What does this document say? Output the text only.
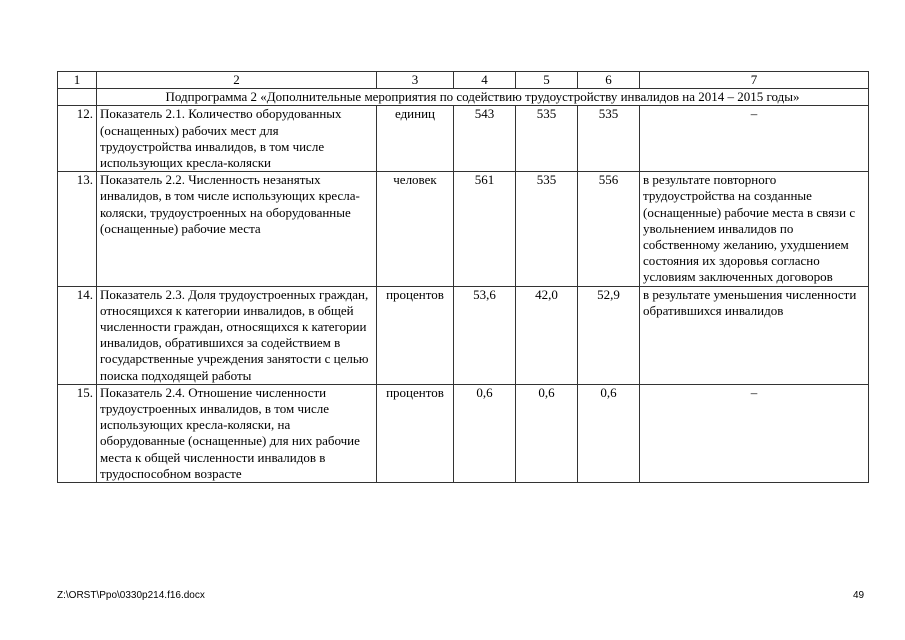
1	2	3	4	5	6	7
	Подпрограмма 2 «Дополнительные мероприятия по содействию трудоустройству инвалидов на 2014 – 2015 годы»					
12.	Показатель 2.1. Количество оборудованных (оснащенных) рабочих мест для трудоустройства инвалидов, в том числе использующих кресла-коляски	единиц	543	535	535	–
13.	Показатель 2.2. Численность незанятых инвалидов, в том числе использующих кресла-коляски, трудоустроенных на оборудованные (оснащенные) рабочие места	человек	561	535	556	в результате повторного трудоустройства на созданные (оснащенные) рабочие места в связи с увольнением инвалидов по собственному желанию, ухудшением состояния их здоровья согласно условиям заключенных договоров
14.	Показатель 2.3. Доля трудоустроенных граждан, относящихся к категории инвалидов, в общей численности граждан, относящихся к категории инвалидов, обратившихся за содействием в государственные учреждения занятости с целью поиска подходящей работы	процентов	53,6	42,0	52,9	в результате уменьшения численности обратившихся инвалидов
15.	Показатель 2.4. Отношение численности трудоустроенных инвалидов, в том числе использующих кресла-коляски, на оборудованные (оснащенные) для них рабочие места к общей численности инвалидов в трудоспособном возрасте	процентов	0,6	0,6	0,6	–
Z:\ORST\Ppo\0330p214.f16.docx	49
